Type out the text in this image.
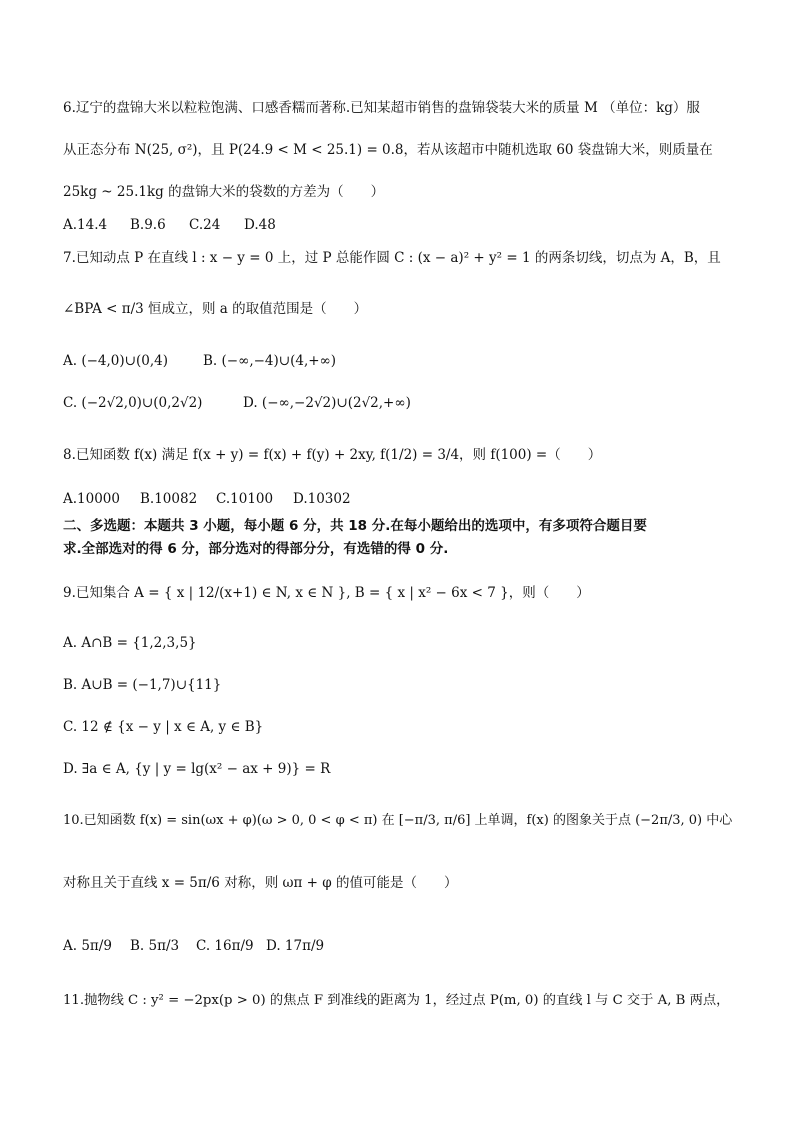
6.辽宁的盘锦大米以粒粒饱满、口感香糯而著称.已知某超市销售的盘锦袋装大米的质量 M （单位：kg）服
从正态分布 N(25, σ²)，且 P(24.9 < M < 25.1) = 0.8，若从该超市中随机选取 60 袋盘锦大米，则质量在
25kg ~ 25.1kg 的盘锦大米的袋数的方差为（　　）
A.14.4 B.9.6 C.24 D.48
7.已知动点 P 在直线 l : x − y = 0 上，过 P 总能作圆 C : (x − a)² + y² = 1 的两条切线，切点为 A，B，且
∠BPA < π/3 恒成立，则 a 的取值范围是（　　）
A. (−4,0)∪(0,4)	B. (−∞,−4)∪(4,+∞)
C. (−2√2,0)∪(0,2√2)	D. (−∞,−2√2)∪(2√2,+∞)
8.已知函数 f(x) 满足 f(x + y) = f(x) + f(y) + 2xy, f(1/2) = 3/4，则 f(100) =（　　）
A.10000 B.10082 C.10100 D.10302
二、多选题：本题共 3 小题，每小题 6 分，共 18 分.在每小题给出的选项中，有多项符合题目要
求.全部选对的得 6 分，部分选对的得部分分，有选错的得 0 分.
9.已知集合 A = { x | 12/(x+1) ∈ N, x ∈ N }, B = { x | x² − 6x < 7 }，则（　　）
A. A∩B = {1,2,3,5}
B. A∪B = (−1,7)∪{11}
C. 12 ∉ {x − y | x ∈ A, y ∈ B}
D. ∃a ∈ A, {y | y = lg(x² − ax + 9)} = R
10.已知函数 f(x) = sin(ωx + φ)(ω > 0, 0 < φ < π) 在 [−π/3, π/6] 上单调，f(x) 的图象关于点 (−2π/3, 0) 中心
对称且关于直线 x = 5π/6 对称，则 ωπ + φ 的值可能是（　　）
A. 5π/9 B. 5π/3 C. 16π/9 D. 17π/9
11.抛物线 C : y² = −2px(p > 0) 的焦点 F 到准线的距离为 1，经过点 P(m, 0) 的直线 l 与 C 交于 A, B 两点，
